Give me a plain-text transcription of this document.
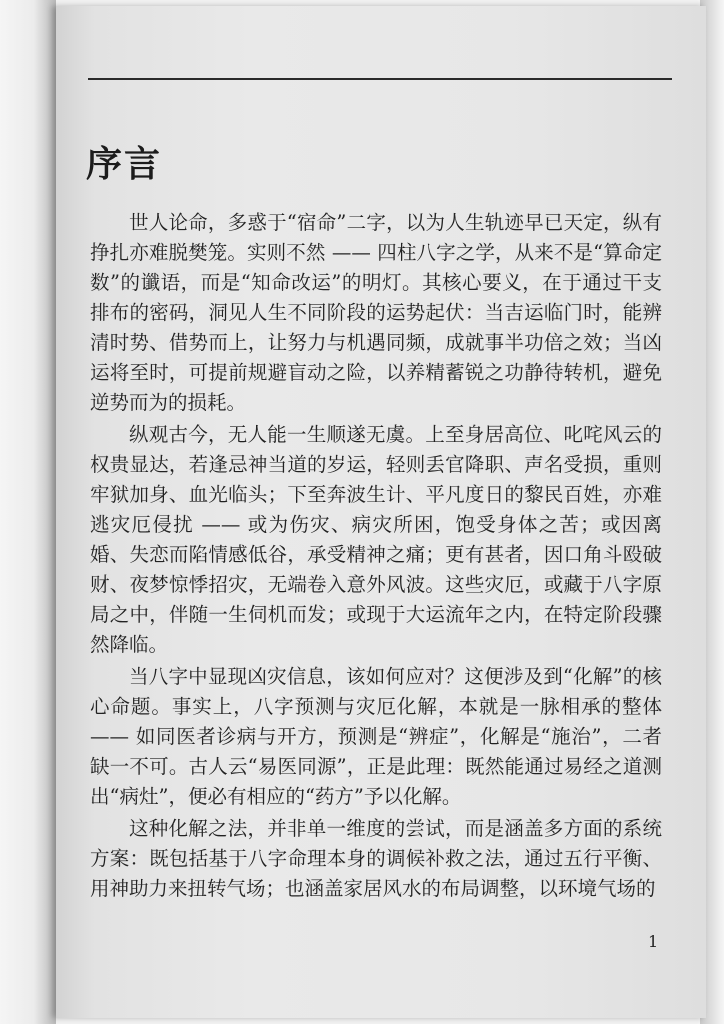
序言

世人论命，多惑于“宿命”二字，以为人生轨迹早已天定，纵有挣扎亦难脱樊笼。实则不然 —— 四柱八字之学，从来不是“算命定数”的谶语，而是“知命改运”的明灯。其核心要义，在于通过干支排布的密码，洞见人生不同阶段的运势起伏：当吉运临门时，能辨清时势、借势而上，让努力与机遇同频，成就事半功倍之效；当凶运将至时，可提前规避盲动之险，以养精蓄锐之功静待转机，避免逆势而为的损耗。

纵观古今，无人能一生顺遂无虞。上至身居高位、叱咤风云的权贵显达，若逢忌神当道的岁运，轻则丢官降职、声名受损，重则牢狱加身、血光临头；下至奔波生计、平凡度日的黎民百姓，亦难逃灾厄侵扰 —— 或为伤灾、病灾所困，饱受身体之苦；或因离婚、失恋而陷情感低谷，承受精神之痛；更有甚者，因口角斗殴破财、夜梦惊悸招灾，无端卷入意外风波。这些灾厄，或藏于八字原局之中，伴随一生伺机而发；或现于大运流年之内，在特定阶段骤然降临。

当八字中显现凶灾信息，该如何应对？这便涉及到“化解”的核心命题。事实上，八字预测与灾厄化解，本就是一脉相承的整体 —— 如同医者诊病与开方，预测是“辨症”，化解是“施治”，二者缺一不可。古人云“易医同源”，正是此理：既然能通过易经之道测出“病灶”，便必有相应的“药方”予以化解。

这种化解之法，并非单一维度的尝试，而是涵盖多方面的系统方案：既包括基于八字命理本身的调候补救之法，通过五行平衡、用神助力来扭转气场；也涵盖家居风水的布局调整，以环境气场的

1
